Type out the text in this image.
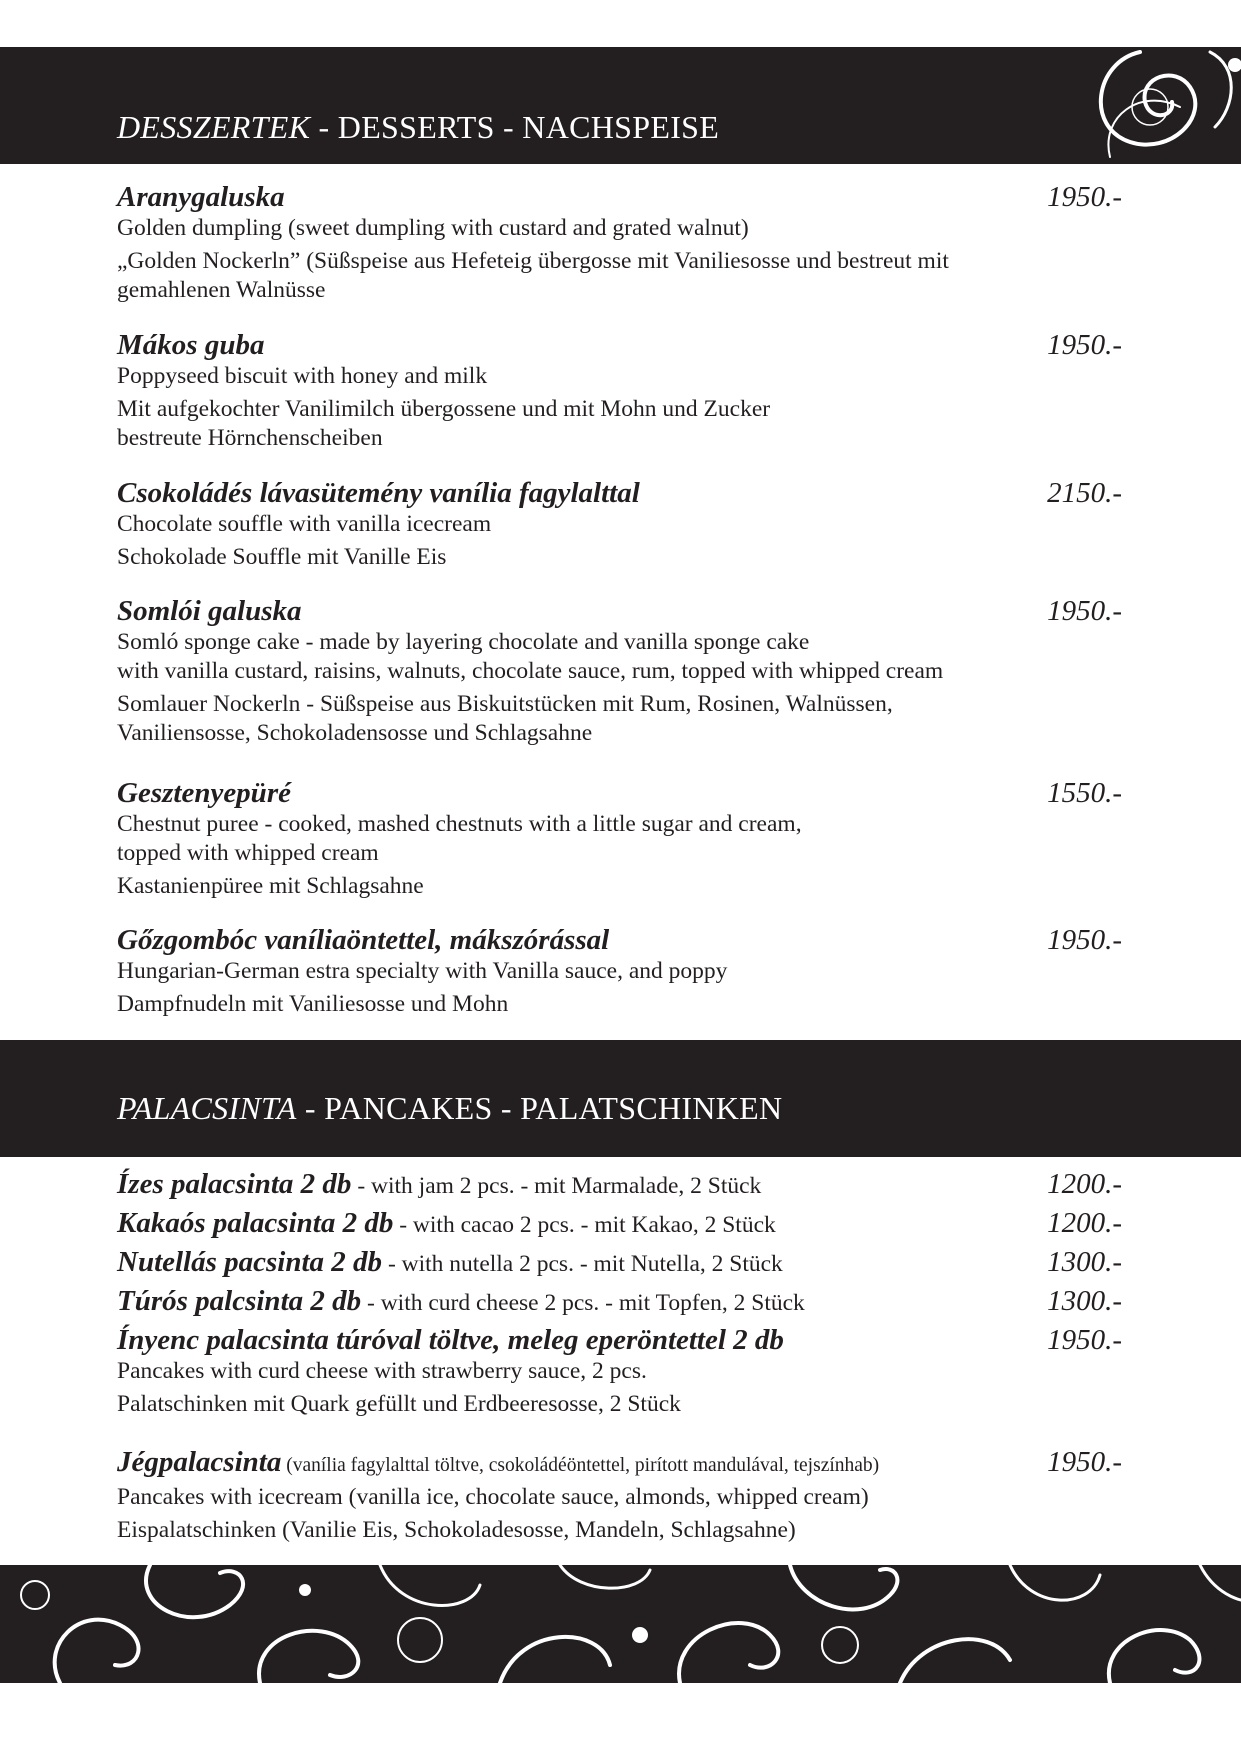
DESSZERTEK - DESSERTS - NACHSPEISE
Aranygaluska	1950.-
Golden dumpling (sweet dumpling with custard and grated walnut)
„Golden Nockerln” (Süßspeise aus Hefeteig übergosse mit Vaniliesosse und bestreut mit
gemahlenen Walnüsse
Mákos guba	1950.-
Poppyseed biscuit with honey and milk
Mit aufgekochter Vanilimilch übergossene und mit Mohn und Zucker
bestreute Hörnchenscheiben
Csokoládés lávasütemény vanília fagylalttal	2150.-
Chocolate souffle with vanilla icecream
Schokolade Souffle mit Vanille Eis
Somlói galuska	1950.-
Somló sponge cake - made by layering chocolate and vanilla sponge cake
with vanilla custard, raisins, walnuts, chocolate sauce, rum, topped with whipped cream
Somlauer Nockerln - Süßspeise aus Biskuitstücken mit Rum, Rosinen, Walnüssen,
Vaniliensosse, Schokoladensosse und Schlagsahne
Gesztenyepüré	1550.-
Chestnut puree - cooked, mashed chestnuts with a little sugar and cream,
topped with whipped cream
Kastanienpüree mit Schlagsahne
Gőzgombóc vaníliaöntettel, mákszórással	1950.-
Hungarian-German estra specialty with Vanilla sauce, and poppy
Dampfnudeln mit Vaniliesosse und Mohn
PALACSINTA - PANCAKES - PALATSCHINKEN
Ízes palacsinta 2 db - with jam 2 pcs. - mit Marmalade, 2 Stück	1200.-
Kakaós palacsinta 2 db - with cacao 2 pcs. - mit Kakao, 2 Stück	1200.-
Nutellás pacsinta 2 db - with nutella 2 pcs. - mit Nutella, 2 Stück	1300.-
Túrós palcsinta 2 db - with curd cheese 2 pcs. - mit Topfen, 2 Stück	1300.-
Ínyenc palacsinta túróval töltve, meleg eperöntettel 2 db	1950.-
Pancakes with curd cheese with strawberry sauce, 2 pcs.
Palatschinken mit Quark gefüllt und Erdbeeresosse, 2 Stück
Jégpalacsinta (vanília fagylalttal töltve, csokoládéöntettel, pirított mandulával, tejszínhab)	1950.-
Pancakes with icecream (vanilla ice, chocolate sauce, almonds, whipped cream)
Eispalatschinken (Vanilie Eis, Schokoladesosse, Mandeln, Schlagsahne)
